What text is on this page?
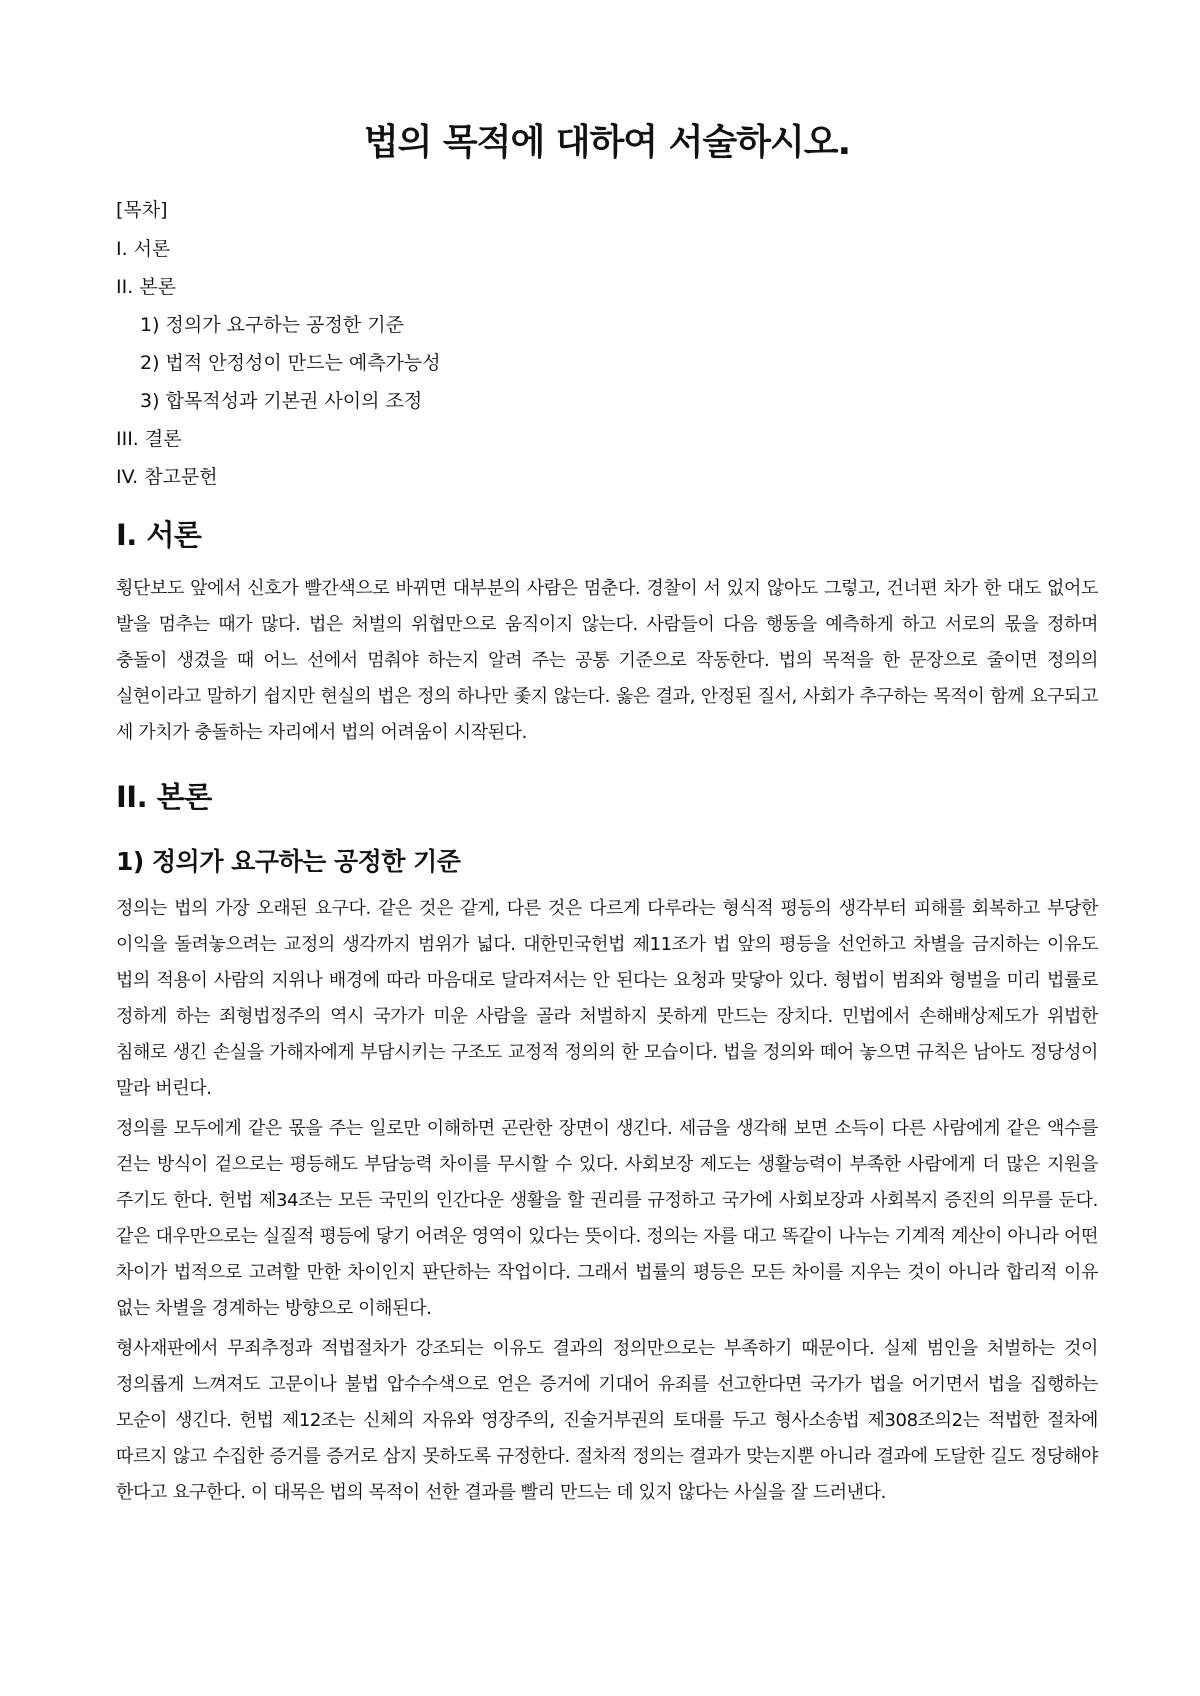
법의 목적에 대하여 서술하시오.
[목차]
I. 서론
II. 본론
1) 정의가 요구하는 공정한 기준
2) 법적 안정성이 만드는 예측가능성
3) 합목적성과 기본권 사이의 조정
III. 결론
IV. 참고문헌
I. 서론

횡단보도 앞에서 신호가 빨간색으로 바뀌면 대부분의 사람은 멈춘다. 경찰이 서 있지 않아도 그렇고, 건너편 차가 한 대도 없어도 발을 멈추는 때가 많다. 법은 처벌의 위협만으로 움직이지 않는다. 사람들이 다음 행동을 예측하게 하고 서로의 몫을 정하며 충돌이 생겼을 때 어느 선에서 멈춰야 하는지 알려 주는 공통 기준으로 작동한다. 법의 목적을 한 문장으로 줄이면 정의의 실현이라고 말하기 쉽지만 현실의 법은 정의 하나만 좇지 않는다. 옳은 결과, 안정된 질서, 사회가 추구하는 목적이 함께 요구되고 세 가치가 충돌하는 자리에서 법의 어려움이 시작된다.

II. 본론
1) 정의가 요구하는 공정한 기준

정의는 법의 가장 오래된 요구다. 같은 것은 같게, 다른 것은 다르게 다루라는 형식적 평등의 생각부터 피해를 회복하고 부당한 이익을 돌려놓으려는 교정의 생각까지 범위가 넓다. 대한민국헌법 제11조가 법 앞의 평등을 선언하고 차별을 금지하는 이유도 법의 적용이 사람의 지위나 배경에 따라 마음대로 달라져서는 안 된다는 요청과 맞닿아 있다. 형법이 범죄와 형벌을 미리 법률로 정하게 하는 죄형법정주의 역시 국가가 미운 사람을 골라 처벌하지 못하게 만드는 장치다. 민법에서 손해배상제도가 위법한 침해로 생긴 손실을 가해자에게 부담시키는 구조도 교정적 정의의 한 모습이다. 법을 정의와 떼어 놓으면 규칙은 남아도 정당성이 말라 버린다.

정의를 모두에게 같은 몫을 주는 일로만 이해하면 곤란한 장면이 생긴다. 세금을 생각해 보면 소득이 다른 사람에게 같은 액수를 걷는 방식이 겉으로는 평등해도 부담능력 차이를 무시할 수 있다. 사회보장 제도는 생활능력이 부족한 사람에게 더 많은 지원을 주기도 한다. 헌법 제34조는 모든 국민의 인간다운 생활을 할 권리를 규정하고 국가에 사회보장과 사회복지 증진의 의무를 둔다. 같은 대우만으로는 실질적 평등에 닿기 어려운 영역이 있다는 뜻이다. 정의는 자를 대고 똑같이 나누는 기계적 계산이 아니라 어떤 차이가 법적으로 고려할 만한 차이인지 판단하는 작업이다. 그래서 법률의 평등은 모든 차이를 지우는 것이 아니라 합리적 이유 없는 차별을 경계하는 방향으로 이해된다.

형사재판에서 무죄추정과 적법절차가 강조되는 이유도 결과의 정의만으로는 부족하기 때문이다. 실제 범인을 처벌하는 것이 정의롭게 느껴져도 고문이나 불법 압수수색으로 얻은 증거에 기대어 유죄를 선고한다면 국가가 법을 어기면서 법을 집행하는 모순이 생긴다. 헌법 제12조는 신체의 자유와 영장주의, 진술거부권의 토대를 두고 형사소송법 제308조의2는 적법한 절차에 따르지 않고 수집한 증거를 증거로 삼지 못하도록 규정한다. 절차적 정의는 결과가 맞는지뿐 아니라 결과에 도달한 길도 정당해야 한다고 요구한다. 이 대목은 법의 목적이 선한 결과를 빨리 만드는 데 있지 않다는 사실을 잘 드러낸다.
